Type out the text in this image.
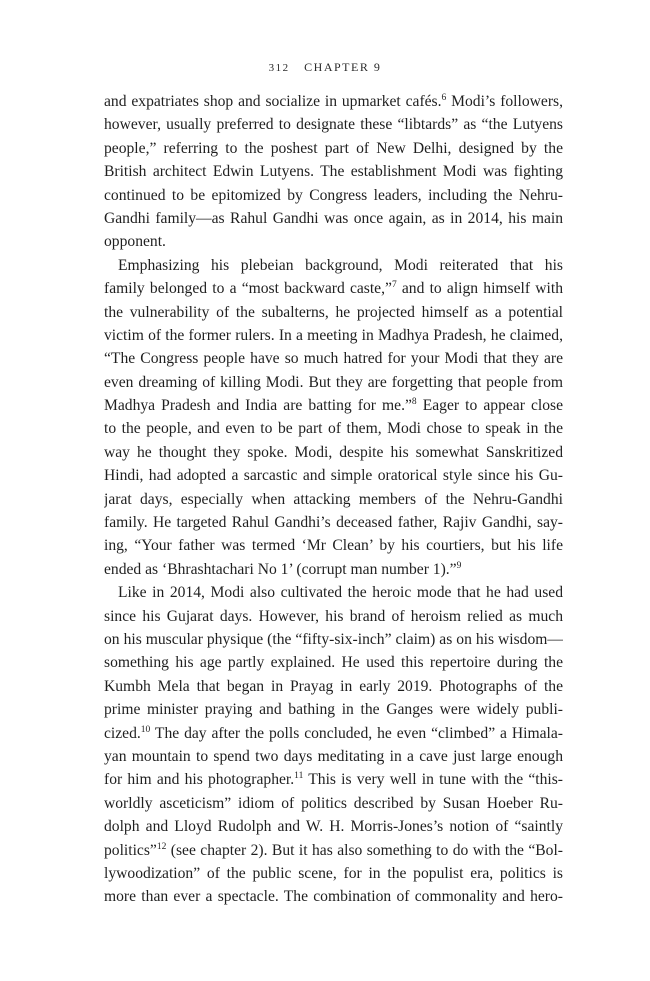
312 CHAPTER 9
and expatriates shop and socialize in upmarket cafés.$^6$ Modi’s followers,
however, usually preferred to designate these “libtards” as “the Lutyens
people,” referring to the poshest part of New Delhi, designed by the
British architect Edwin Lutyens. The establishment Modi was fighting
continued to be epitomized by Congress leaders, including the Nehru-
Gandhi family—as Rahul Gandhi was once again, as in 2014, his main
opponent.
Emphasizing his plebeian background, Modi reiterated that his
family belonged to a “most backward caste,”$^7$ and to align himself with
the vulnerability of the subalterns, he projected himself as a potential
victim of the former rulers. In a meeting in Madhya Pradesh, he claimed,
“The Congress people have so much hatred for your Modi that they are
even dreaming of killing Modi. But they are forgetting that people from
Madhya Pradesh and India are batting for me.”$^8$ Eager to appear close
to the people, and even to be part of them, Modi chose to speak in the
way he thought they spoke. Modi, despite his somewhat Sanskritized
Hindi, had adopted a sarcastic and simple oratorical style since his Gu-
jarat days, especially when attacking members of the Nehru-Gandhi
family. He targeted Rahul Gandhi’s deceased father, Rajiv Gandhi, say-
ing, “Your father was termed ‘Mr Clean’ by his courtiers, but his life
ended as ‘Bhrashtachari No 1’ (corrupt man number 1).”$^9$
Like in 2014, Modi also cultivated the heroic mode that he had used
since his Gujarat days. However, his brand of heroism relied as much
on his muscular physique (the “fifty-six-inch” claim) as on his wisdom—
something his age partly explained. He used this repertoire during the
Kumbh Mela that began in Prayag in early 2019. Photographs of the
prime minister praying and bathing in the Ganges were widely publi-
cized.$^{10}$ The day after the polls concluded, he even “climbed” a Himala-
yan mountain to spend two days meditating in a cave just large enough
for him and his photographer.$^{11}$ This is very well in tune with the “this-
worldly asceticism” idiom of politics described by Susan Hoeber Ru-
dolph and Lloyd Rudolph and W. H. Morris-Jones’s notion of “saintly
politics”$^{12}$ (see chapter 2). But it has also something to do with the “Bol-
lywoodization” of the public scene, for in the populist era, politics is
more than ever a spectacle. The combination of commonality and hero-
